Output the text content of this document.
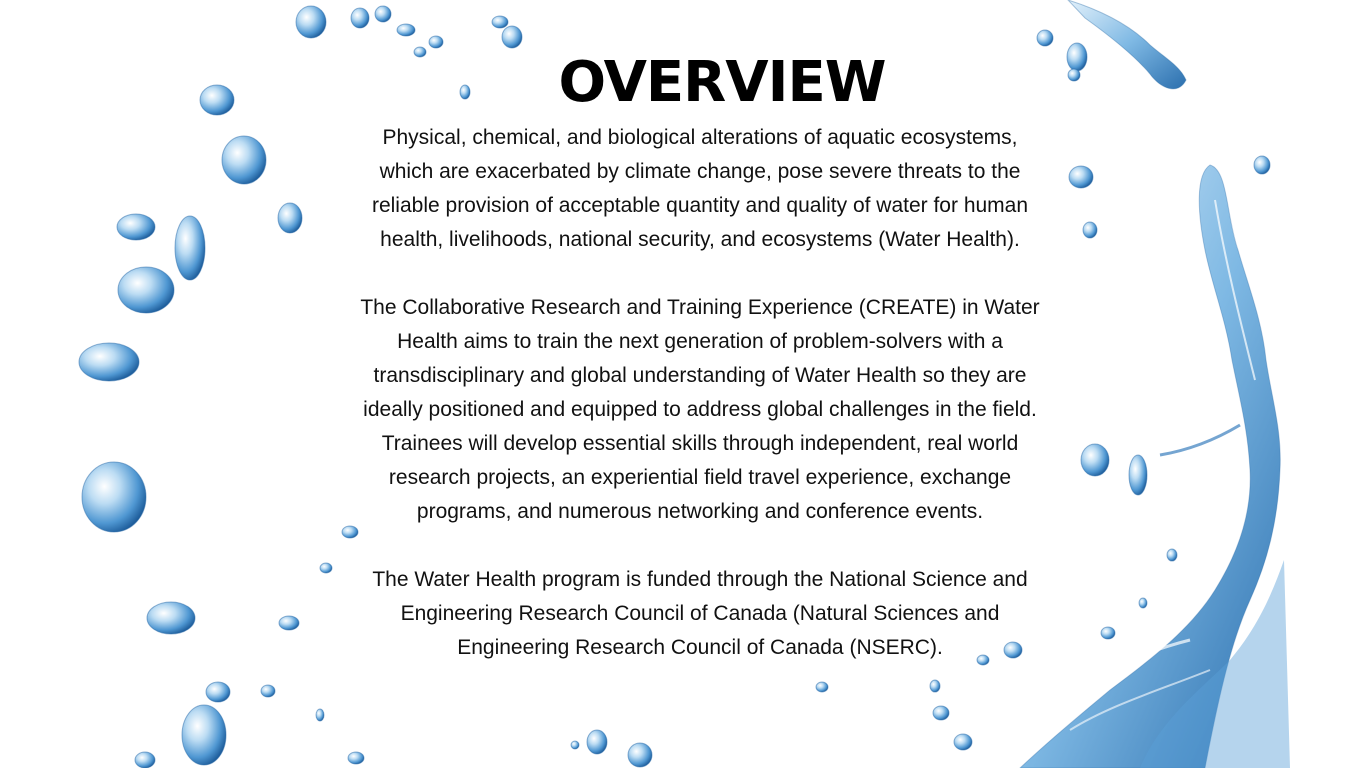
OVERVIEW

Physical, chemical, and biological alterations of aquatic ecosystems,
which are exacerbated by climate change, pose severe threats to the
reliable provision of acceptable quantity and quality of water for human
health, livelihoods, national security, and ecosystems (Water Health).

The Collaborative Research and Training Experience (CREATE) in Water
Health aims to train the next generation of problem-solvers with a
transdisciplinary and global understanding of Water Health so they are
ideally positioned and equipped to address global challenges in the field.
Trainees will develop essential skills through independent, real world
research projects, an experiential field travel experience, exchange
programs, and numerous networking and conference events.

The Water Health program is funded through the National Science and
Engineering Research Council of Canada (Natural Sciences and
Engineering Research Council of Canada (NSERC).
